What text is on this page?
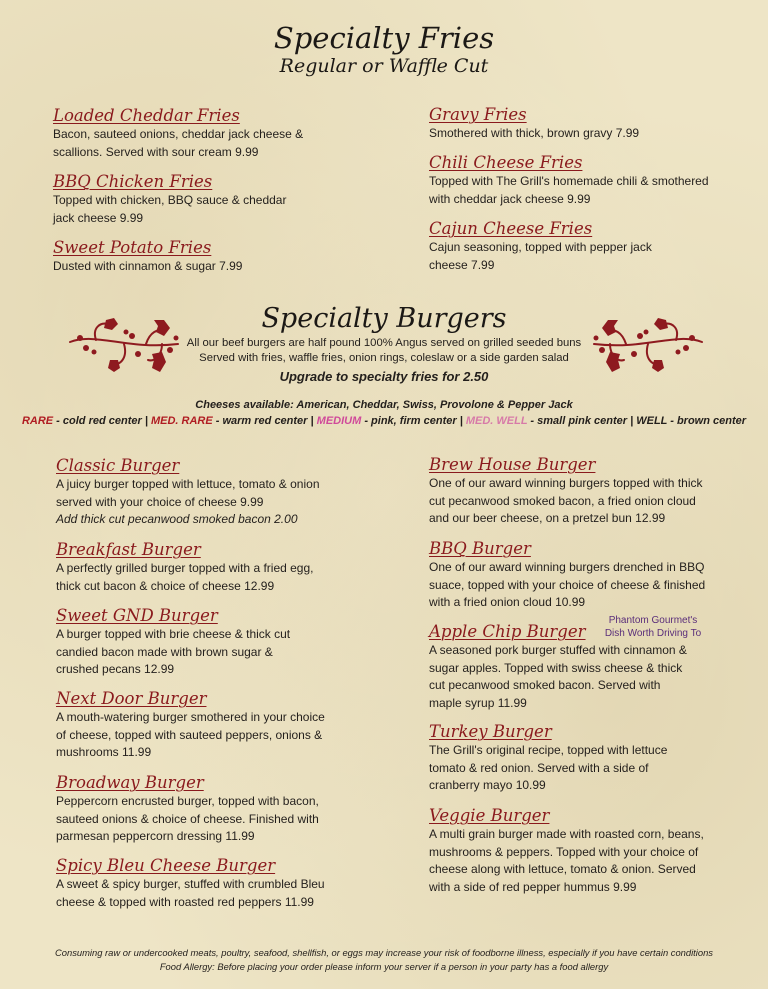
Specialty Fries
Regular or Waffle Cut
Loaded Cheddar Fries
Bacon, sauteed onions, cheddar jack cheese &
scallions. Served with sour cream 9.99
BBQ Chicken Fries
Topped with chicken, BBQ sauce & cheddar
jack cheese 9.99
Sweet Potato Fries
Dusted with cinnamon & sugar 7.99
Gravy Fries
Smothered with thick, brown gravy 7.99
Chili Cheese Fries
Topped with The Grill's homemade chili & smothered
with cheddar jack cheese 9.99
Cajun Cheese Fries
Cajun seasoning, topped with pepper jack
cheese 7.99
Specialty Burgers
All our beef burgers are half pound 100% Angus served on grilled seeded buns
Served with fries, waffle fries, onion rings, coleslaw or a side garden salad
Upgrade to specialty fries for 2.50
Cheeses available: American, Cheddar, Swiss, Provolone & Pepper Jack
RARE - cold red center | MED. RARE - warm red center | MEDIUM - pink, firm center | MED. WELL - small pink center | WELL - brown center
Classic Burger
A juicy burger topped with lettuce, tomato & onion
served with your choice of cheese 9.99
Add thick cut pecanwood smoked bacon 2.00
Breakfast Burger
A perfectly grilled burger topped with a fried egg,
thick cut bacon & choice of cheese 12.99
Sweet GND Burger
A burger topped with brie cheese & thick cut
candied bacon made with brown sugar &
crushed pecans 12.99
Next Door Burger
A mouth-watering burger smothered in your choice
of cheese, topped with sauteed peppers, onions &
mushrooms 11.99
Broadway Burger
Peppercorn encrusted burger, topped with bacon,
sauteed onions & choice of cheese. Finished with
parmesan peppercorn dressing 11.99
Spicy Bleu Cheese Burger
A sweet & spicy burger, stuffed with crumbled Bleu
cheese & topped with roasted red peppers 11.99
Brew House Burger
One of our award winning burgers topped with thick
cut pecanwood smoked bacon, a fried onion cloud
and our beer cheese, on a pretzel bun 12.99
BBQ Burger
One of our award winning burgers drenched in BBQ
suace, topped with your choice of cheese & finished
with a fried onion cloud 10.99
Apple Chip Burger
A seasoned pork burger stuffed with cinnamon &
sugar apples. Topped with swiss cheese & thick
cut pecanwood smoked bacon. Served with
maple syrup 11.99
Phantom Gourmet's
Dish Worth Driving To
Turkey Burger
The Grill's original recipe, topped with lettuce
tomato & red onion. Served with a side of
cranberry mayo 10.99
Veggie Burger
A multi grain burger made with roasted corn, beans,
mushrooms & peppers. Topped with your choice of
cheese along with lettuce, tomato & onion. Served
with a side of red pepper hummus 9.99
Consuming raw or undercooked meats, poultry, seafood, shellfish, or eggs may increase your risk of foodborne illness, especially if you have certain conditions
Food Allergy: Before placing your order please inform your server if a person in your party has a food allergy
